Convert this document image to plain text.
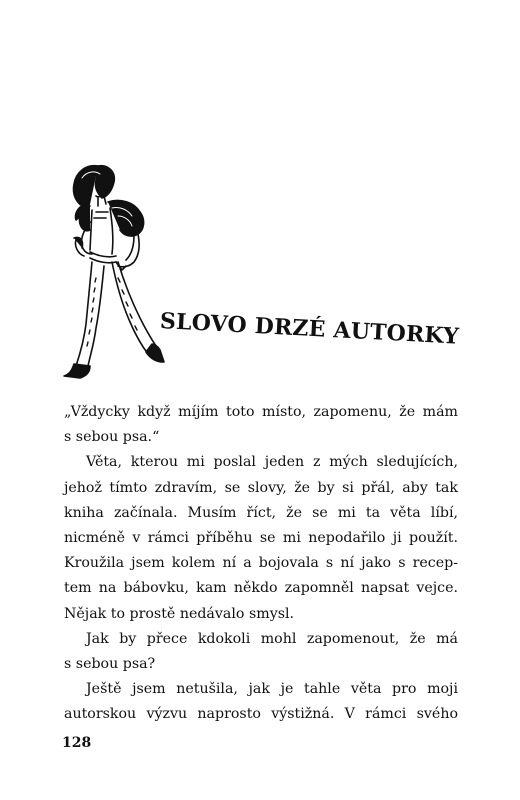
SLOVO DRZÉ AUTORKY

„Vždycky když míjím toto místo, zapomenu, že mám
s sebou psa.“

Věta, kterou mi poslal jeden z mých sledujících,
jehož tímto zdravím, se slovy, že by si přál, aby tak
kniha začínala. Musím říct, že se mi ta věta líbí,
nicméně v rámci příběhu se mi nepodařilo ji použít.
Kroužila jsem kolem ní a bojovala s ní jako s recep-
tem na bábovku, kam někdo zapomněl napsat vejce.
Nějak to prostě nedávalo smysl.

Jak by přece kdokoli mohl zapomenout, že má
s sebou psa?

Ještě jsem netušila, jak je tahle věta pro moji
autorskou výzvu naprosto výstižná. V rámci svého

128
